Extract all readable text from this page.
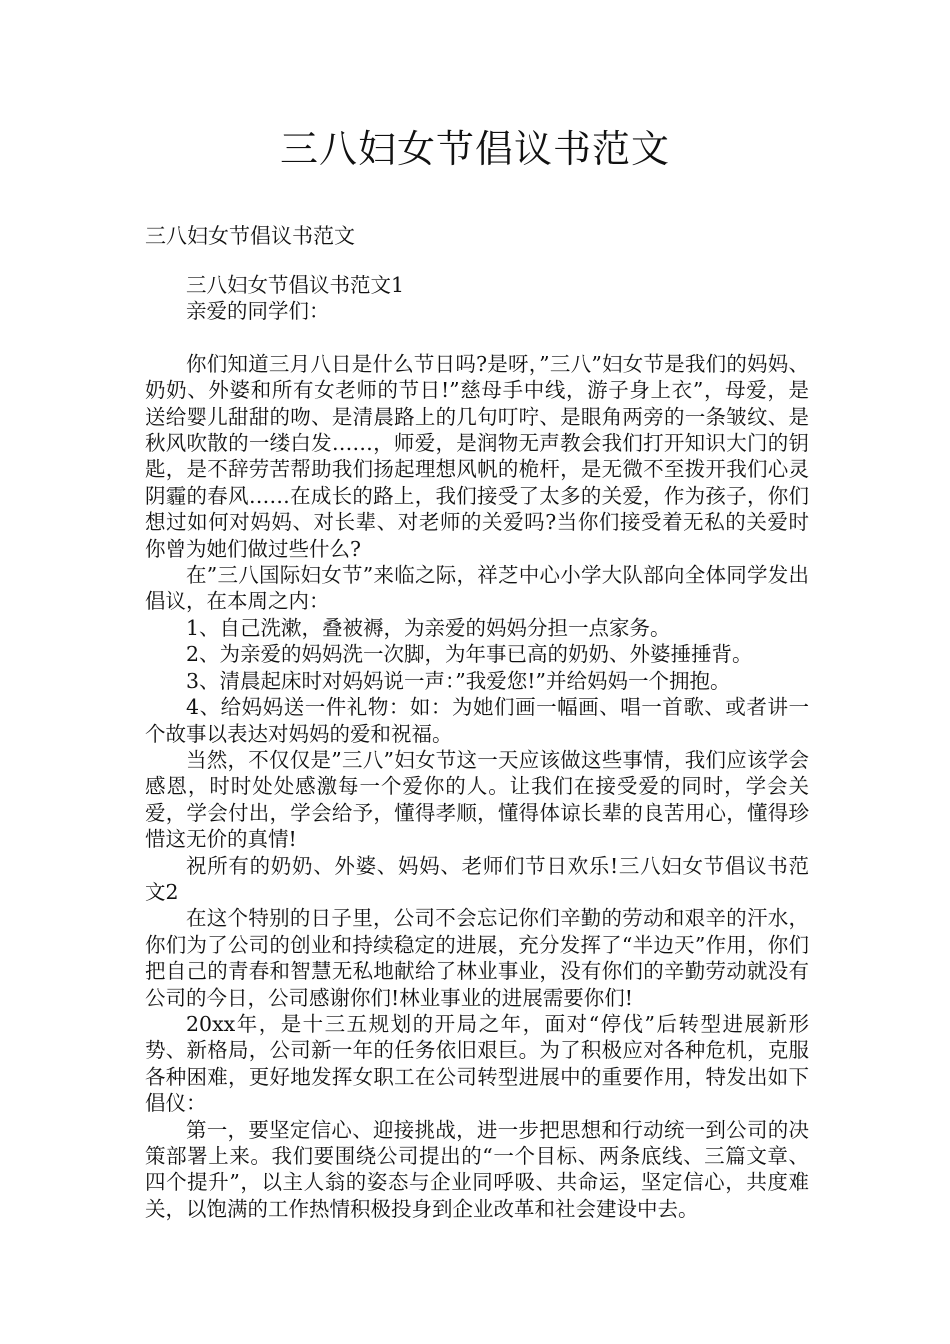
三八妇女节倡议书范文
三八妇女节倡议书范文

三八妇女节倡议书范文1

亲爱的同学们：

你们知道三月八日是什么节日吗?是呀，”三八”妇女节是我们的妈妈、奶奶、外婆和所有女老师的节日!”慈母手中线，游子身上衣”，母爱，是送给婴儿甜甜的吻、是清晨路上的几句叮咛、是眼角两旁的一条皱纹、是秋风吹散的一缕白发……，师爱，是润物无声教会我们打开知识大门的钥匙，是不辞劳苦帮助我们扬起理想风帆的桅杆，是无微不至拨开我们心灵阴霾的春风……在成长的路上，我们接受了太多的关爱，作为孩子，你们想过如何对妈妈、对长辈、对老师的关爱吗?当你们接受着无私的关爱时你曾为她们做过些什么?

在”三八国际妇女节”来临之际，祥芝中心小学大队部向全体同学发出倡议，在本周之内：

1、自己洗漱，叠被褥，为亲爱的妈妈分担一点家务。

2、为亲爱的妈妈洗一次脚，为年事已高的奶奶、外婆捶捶背。

3、清晨起床时对妈妈说一声：”我爱您!”并给妈妈一个拥抱。

4、给妈妈送一件礼物：如：为她们画一幅画、唱一首歌、或者讲一个故事以表达对妈妈的爱和祝福。

当然，不仅仅是”三八”妇女节这一天应该做这些事情，我们应该学会感恩，时时处处感激每一个爱你的人。让我们在接受爱的同时，学会关爱，学会付出，学会给予，懂得孝顺，懂得体谅长辈的良苦用心，懂得珍惜这无价的真情!

祝所有的奶奶、外婆、妈妈、老师们节日欢乐!三八妇女节倡议书范文2

在这个特别的日子里，公司不会忘记你们辛勤的劳动和艰辛的汗水，你们为了公司的创业和持续稳定的进展，充分发挥了“半边天”作用，你们把自己的青春和智慧无私地献给了林业事业，没有你们的辛勤劳动就没有公司的今日，公司感谢你们!林业事业的进展需要你们!

20xx年，是十三五规划的开局之年，面对“停伐”后转型进展新形势、新格局，公司新一年的任务依旧艰巨。为了积极应对各种危机，克服各种困难，更好地发挥女职工在公司转型进展中的重要作用，特发出如下倡仪：

第一，要坚定信心、迎接挑战，进一步把思想和行动统一到公司的决策部署上来。我们要围绕公司提出的“一个目标、两条底线、三篇文章、四个提升”，以主人翁的姿态与企业同呼吸、共命运，坚定信心，共度难关，以饱满的工作热情积极投身到企业改革和社会建设中去。
